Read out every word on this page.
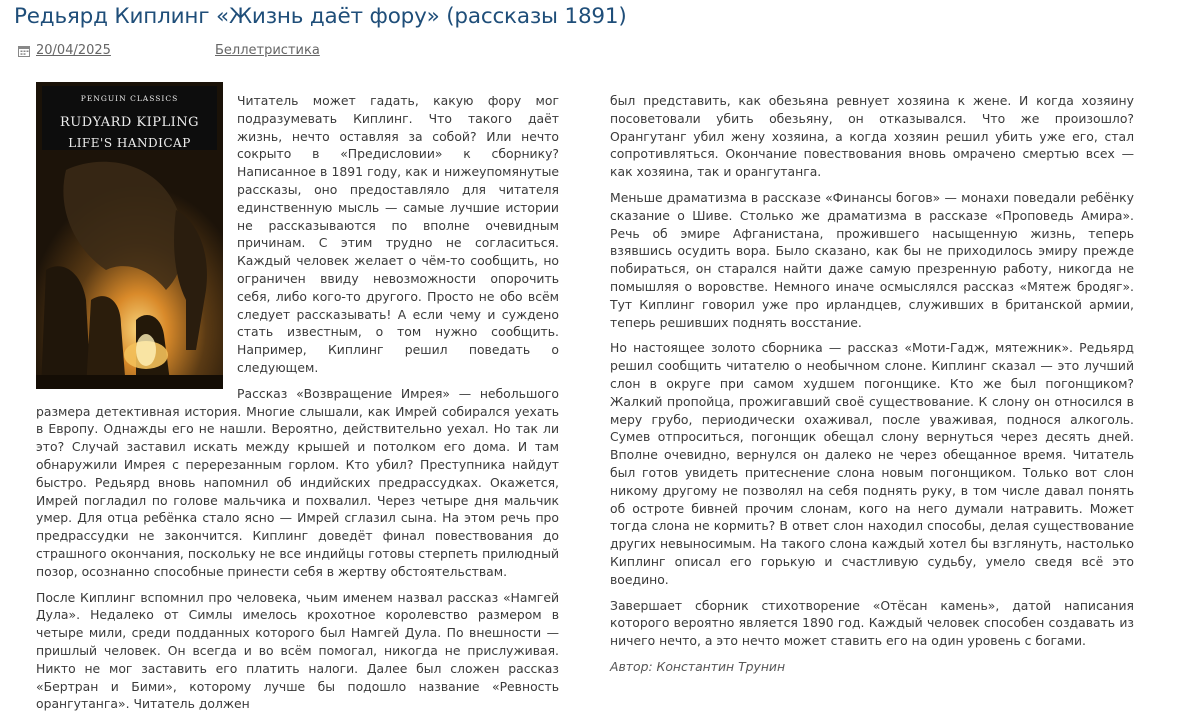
Редьярд Киплинг «Жизнь даёт фору» (рассказы 1891)
20/04/2025	Беллетристика
PENGUIN CLASSICS
RUDYARD KIPLING
LIFE'S HANDICAP

Читатель может гадать, какую фору мог подразумевать Киплинг. Что такого даёт жизнь, нечто оставляя за собой? Или нечто сокрыто в «Предисловии» к сборнику? Написанное в 1891 году, как и нижеупомянутые рассказы, оно предоставляло для читателя единственную мысль — самые лучшие истории не рассказываются по вполне очевидным причинам. С этим трудно не согласиться. Каждый человек желает о чём-то сообщить, но ограничен ввиду невозможности опорочить себя, либо кого-то другого. Просто не обо всём следует рассказывать! А если чему и суждено стать известным, о том нужно сообщить. Например, Киплинг решил поведать о следующем.

Рассказ «Возвращение Имрея» — небольшого размера детективная история. Многие слышали, как Имрей собирался уехать в Европу. Однажды его не нашли. Вероятно, действительно уехал. Но так ли это? Случай заставил искать между крышей и потолком его дома. И там обнаружили Имрея с перерезанным горлом. Кто убил? Преступника найдут быстро. Редьярд вновь напомнил об индийских предрассудках. Окажется, Имрей погладил по голове мальчика и похвалил. Через четыре дня мальчик умер. Для отца ребёнка стало ясно — Имрей сглазил сына. На этом речь про предрассудки не закончится. Киплинг доведёт финал повествования до страшного окончания, поскольку не все индийцы готовы стерпеть прилюдный позор, осознанно способные принести себя в жертву обстоятельствам.

После Киплинг вспомнил про человека, чьим именем назвал рассказ «Намгей Дула». Недалеко от Симлы имелось крохотное королевство размером в четыре мили, среди подданных которого был Намгей Дула. По внешности — пришлый человек. Он всегда и во всём помогал, никогда не прислуживая. Никто не мог заставить его платить налоги. Далее был сложен рассказ «Бертран и Бими», которому лучше бы подошло название «Ревность орангутанга». Читатель должен

был представить, как обезьяна ревнует хозяина к жене. И когда хозяину посоветовали убить обезьяну, он отказывался. Что же произошло? Орангутанг убил жену хозяина, а когда хозяин решил убить уже его, стал сопротивляться. Окончание повествования вновь омрачено смертью всех — как хозяина, так и орангутанга.

Меньше драматизма в рассказе «Финансы богов» — монахи поведали ребёнку сказание о Шиве. Столько же драматизма в рассказе «Проповедь Амира». Речь об эмире Афганистана, прожившего насыщенную жизнь, теперь взявшись осудить вора. Было сказано, как бы не приходилось эмиру прежде побираться, он старался найти даже самую презренную работу, никогда не помышляя о воровстве. Немного иначе осмыслялся рассказ «Мятеж бродяг». Тут Киплинг говорил уже про ирландцев, служивших в британской армии, теперь решивших поднять восстание.

Но настоящее золото сборника — рассказ «Моти-Гадж, мятежник». Редьярд решил сообщить читателю о необычном слоне. Киплинг сказал — это лучший слон в округе при самом худшем погонщике. Кто же был погонщиком? Жалкий пропойца, прожигавший своё существование. К слону он относился в меру грубо, периодически охаживал, после уваживая, поднося алкоголь. Сумев отпроситься, погонщик обещал слону вернуться через десять дней. Вполне очевидно, вернулся он далеко не через обещанное время. Читатель был готов увидеть притеснение слона новым погонщиком. Только вот слон никому другому не позволял на себя поднять руку, в том числе давал понять об остроте бивней прочим слонам, кого на него думали натравить. Может тогда слона не кормить? В ответ слон находил способы, делая существование других невыносимым. На такого слона каждый хотел бы взглянуть, настолько Киплинг описал его горькую и счастливую судьбу, умело сведя всё это воедино.

Завершает сборник стихотворение «Отёсан камень», датой написания которого вероятно является 1890 год. Каждый человек способен создавать из ничего нечто, а это нечто может ставить его на один уровень с богами.

Автор: Константин Трунин
